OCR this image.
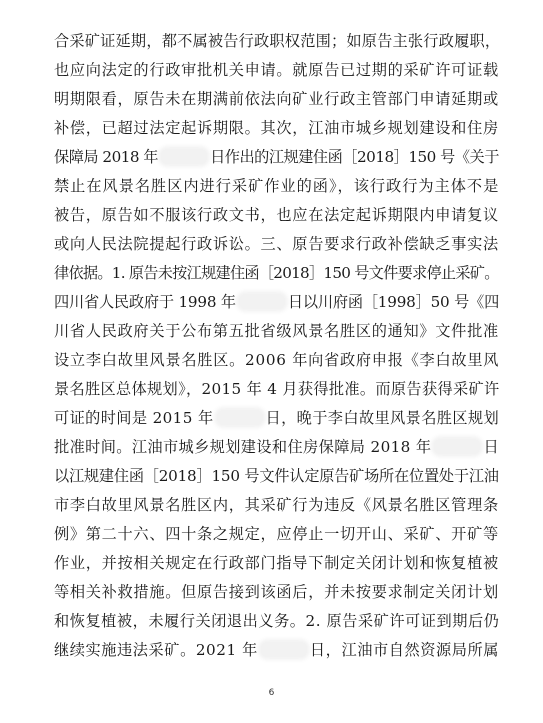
合采矿证延期，都不属被告行政职权范围；如原告主张行政履职，
也应向法定的行政审批机关申请。就原告已过期的采矿许可证载
明期限看，原告未在期满前依法向矿业行政主管部门申请延期或
补偿，已超过法定起诉期限。其次，江油市城乡规划建设和住房
保障局 2018 年	日作出的江规建住函［2018］150 号《关于
禁止在风景名胜区内进行采矿作业的函》，该行政行为主体不是
被告，原告如不服该行政文书，也应在法定起诉期限内申请复议
或向人民法院提起行政诉讼。三、原告要求行政补偿缺乏事实法
律依据。1. 原告未按江规建住函［2018］150 号文件要求停止采矿。
四川省人民政府于 1998 年	日以川府函［1998］50 号《四
川省人民政府关于公布第五批省级风景名胜区的通知》文件批准
设立李白故里风景名胜区。2006 年向省政府申报《李白故里风
景名胜区总体规划》，2015 年 4 月获得批准。而原告获得采矿许
可证的时间是 2015 年	日，晚于李白故里风景名胜区规划
批准时间。江油市城乡规划建设和住房保障局 2018 年	日
以江规建住函［2018］150 号文件认定原告矿场所在位置处于江油
市李白故里风景名胜区内，其采矿行为违反《风景名胜区管理条
例》第二十六、四十条之规定，应停止一切开山、采矿、开矿等
作业，并按相关规定在行政部门指导下制定关闭计划和恢复植被
等相关补救措施。但原告接到该函后，并未按要求制定关闭计划
和恢复植被，未履行关闭退出义务。2. 原告采矿许可证到期后仍
继续实施违法采矿。2021 年	日，江油市自然资源局所属
6
